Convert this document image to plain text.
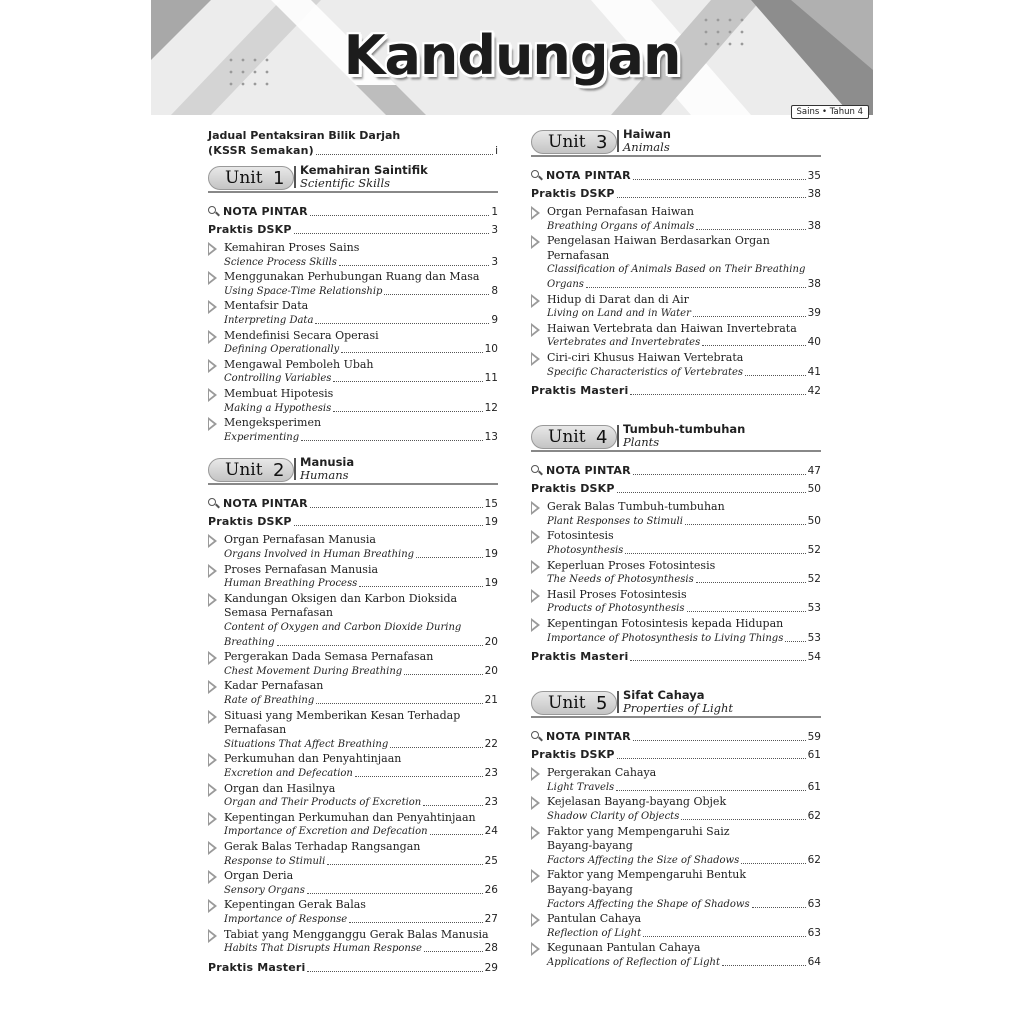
Kandungan
Sains • Tahun 4
Jadual Pentaksiran Bilik Darjah
(KSSR Semakan)	i
Unit 1 Kemahiran Saintifik
Scientific Skills
NOTA PINTAR	1
Praktis DSKP	3
Kemahiran Proses Sains
Science Process Skills	3
Menggunakan Perhubungan Ruang dan Masa
Using Space-Time Relationship	8
Mentafsir Data
Interpreting Data	9
Mendefinisi Secara Operasi
Defining Operationally	10
Mengawal Pemboleh Ubah
Controlling Variables	11
Membuat Hipotesis
Making a Hypothesis	12
Mengeksperimen
Experimenting	13
Unit 2 Manusia
Humans
NOTA PINTAR	15
Praktis DSKP	19
Organ Pernafasan Manusia
Organs Involved in Human Breathing	19
Proses Pernafasan Manusia
Human Breathing Process	19
Kandungan Oksigen dan Karbon Dioksida
Semasa Pernafasan
Content of Oxygen and Carbon Dioxide During
Breathing	20
Pergerakan Dada Semasa Pernafasan
Chest Movement During Breathing	20
Kadar Pernafasan
Rate of Breathing	21
Situasi yang Memberikan Kesan Terhadap
Pernafasan
Situations That Affect Breathing	22
Perkumuhan dan Penyahtinjaan
Excretion and Defecation	23
Organ dan Hasilnya
Organ and Their Products of Excretion	23
Kepentingan Perkumuhan dan Penyahtinjaan
Importance of Excretion and Defecation	24
Gerak Balas Terhadap Rangsangan
Response to Stimuli	25
Organ Deria
Sensory Organs	26
Kepentingan Gerak Balas
Importance of Response	27
Tabiat yang Mengganggu Gerak Balas Manusia
Habits That Disrupts Human Response	28
Praktis Masteri	29
Unit 3 Haiwan
Animals
NOTA PINTAR	35
Praktis DSKP	38
Organ Pernafasan Haiwan
Breathing Organs of Animals	38
Pengelasan Haiwan Berdasarkan Organ
Pernafasan
Classification of Animals Based on Their Breathing
Organs	38
Hidup di Darat dan di Air
Living on Land and in Water	39
Haiwan Vertebrata dan Haiwan Invertebrata
Vertebrates and Invertebrates	40
Ciri-ciri Khusus Haiwan Vertebrata
Specific Characteristics of Vertebrates	41
Praktis Masteri	42
Unit 4 Tumbuh-tumbuhan
Plants
NOTA PINTAR	47
Praktis DSKP	50
Gerak Balas Tumbuh-tumbuhan
Plant Responses to Stimuli	50
Fotosintesis
Photosynthesis	52
Keperluan Proses Fotosintesis
The Needs of Photosynthesis	52
Hasil Proses Fotosintesis
Products of Photosynthesis	53
Kepentingan Fotosintesis kepada Hidupan
Importance of Photosynthesis to Living Things 53
Praktis Masteri	54
Unit 5 Sifat Cahaya
Properties of Light
NOTA PINTAR	59
Praktis DSKP	61
Pergerakan Cahaya
Light Travels	61
Kejelasan Bayang-bayang Objek
Shadow Clarity of Objects	62
Faktor yang Mempengaruhi Saiz
Bayang-bayang
Factors Affecting the Size of Shadows	62
Faktor yang Mempengaruhi Bentuk
Bayang-bayang
Factors Affecting the Shape of Shadows	63
Pantulan Cahaya
Reflection of Light	63
Kegunaan Pantulan Cahaya
Applications of Reflection of Light	64
